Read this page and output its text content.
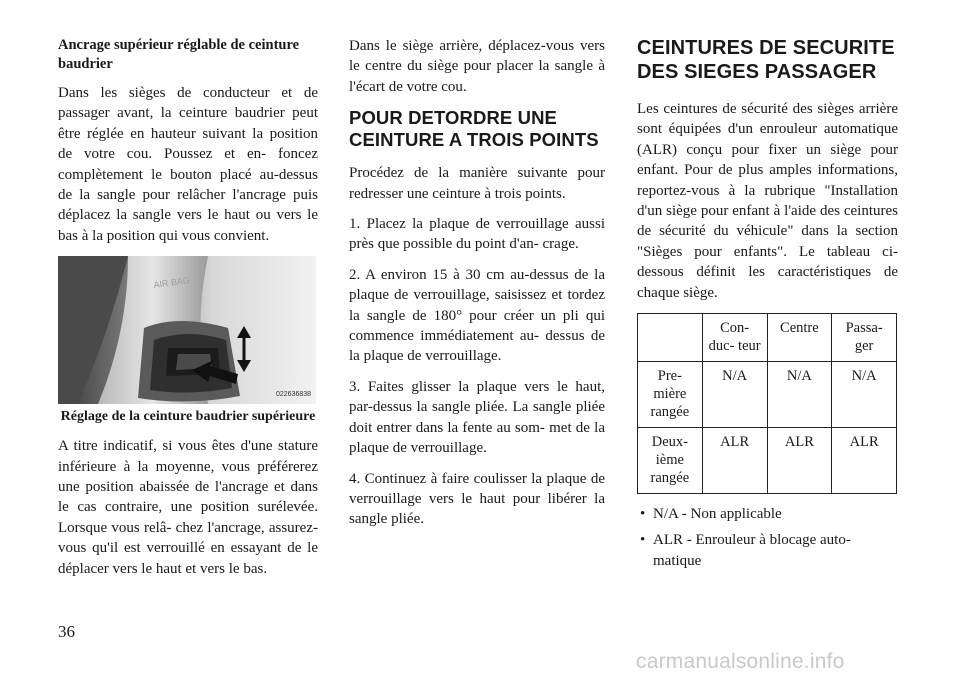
Ancrage supérieur réglable de ceinture baudrier

Dans les sièges de conducteur et de passager avant, la ceinture baudrier peut être réglée en hauteur suivant la position de votre cou. Poussez et en- foncez complètement le bouton placé au-dessus de la sangle pour relâcher l'ancrage puis déplacez la sangle vers le haut ou vers le bas à la position qui vous convient.

AIR BAG
022636838
Réglage de la ceinture baudrier supérieure

A titre indicatif, si vous êtes d'une stature inférieure à la moyenne, vous préférerez une position abaissée de l'ancrage et dans le cas contraire, une position surélevée. Lorsque vous relâ- chez l'ancrage, assurez-vous qu'il est verrouillé en essayant de le déplacer vers le haut et vers le bas.

Dans le siège arrière, déplacez-vous vers le centre du siège pour placer la sangle à l'écart de votre cou.

POUR DETORDRE UNE CEINTURE A TROIS POINTS

Procédez de la manière suivante pour redresser une ceinture à trois points.

1. Placez la plaque de verrouillage aussi près que possible du point d'an- crage.

2. A environ 15 à 30 cm au-dessus de la plaque de verrouillage, saisissez et tordez la sangle de 180° pour créer un pli qui commence immédiatement au- dessus de la plaque de verrouillage.

3. Faites glisser la plaque vers le haut, par-dessus la sangle pliée. La sangle pliée doit entrer dans la fente au som- met de la plaque de verrouillage.

4. Continuez à faire coulisser la plaque de verrouillage vers le haut pour libérer la sangle pliée.

CEINTURES DE SECURITE DES SIEGES PASSAGER

Les ceintures de sécurité des sièges arrière sont équipées d'un enrouleur automatique (ALR) conçu pour fixer un siège pour enfant. Pour de plus amples informations, reportez-vous à la rubrique "Installation d'un siège pour enfant à l'aide des ceintures de sécurité du véhicule" dans la section "Sièges pour enfants". Le tableau ci- dessous définit les caractéristiques de chaque siège.

	Con- duc- teur	Centre	Passa- ger
Pre- mière rangée	N/A	N/A	N/A
Deux- ième rangée	ALR	ALR	ALR
• N/A - Non applicable
• ALR - Enrouleur à blocage auto- matique
36
carmanualsonline.info
